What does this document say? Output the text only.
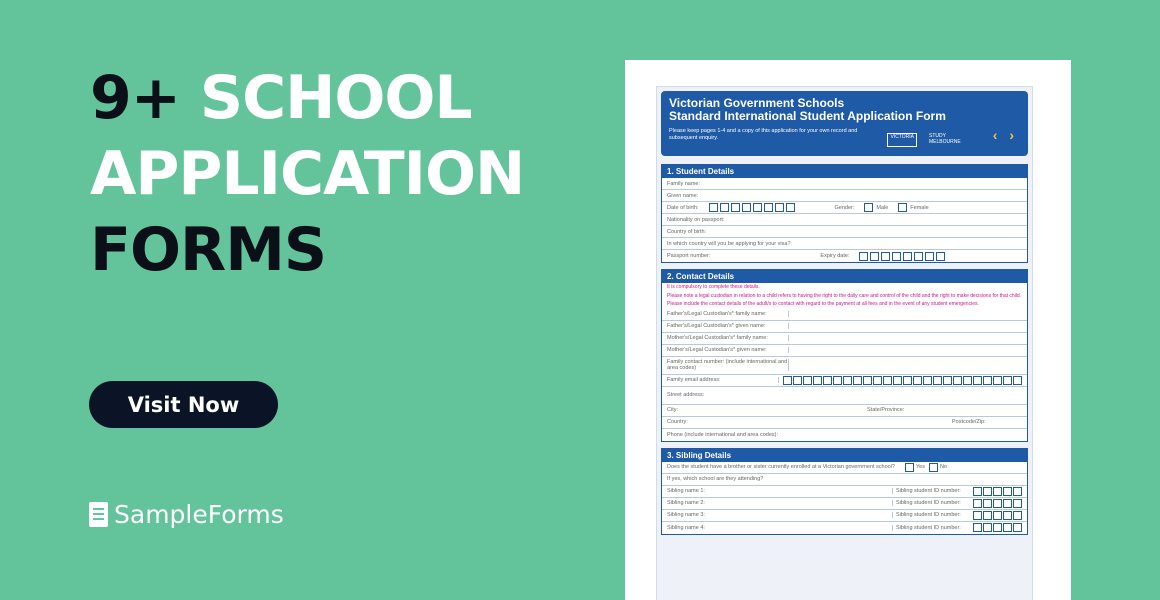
9+ SCHOOL
APPLICATION
FORMS
Visit Now
SampleForms
Victorian Government Schools
Standard International Student Application Form
Please keep pages 1-4 and a copy of this application for your own record and subsequent enquiry.	VICTORIA	STUDY MELBOURNE ‹ ›
1. Student Details
Family name:
Given name:
Date of birth:	Gender:	Male	Female
Nationality on passport:
Country of birth:
In which country will you be applying for your visa?
Passport number:	Expiry date:
2. Contact Details
It is compulsory to complete these details.
Please note a legal custodian in relation to a child refers to having the right to the daily care and control of the child and the right to make decisions for that child.
Please include the contact details of the adult/s to contact with regard to the payment at all fees and in the event of any student emergencies.
Father's/Legal Custodian's* family name:
Father's/Legal Custodian's* given name:
Mother's/Legal Custodian's* family name:
Mother's/Legal Custodian's* given name:
Family contact number: (include international and area codes)
Family email address:
Street address:
City:	State/Province:
Country:	Postcode/Zip:
Phone (include international and area codes):
3. Sibling Details
Does the student have a brother or sister currently enrolled at a Victorian government school?	Yes	No
If yes, which school are they attending?
Sibling name 1:	Sibling student ID number:
Sibling name 2:	Sibling student ID number:
Sibling name 3:	Sibling student ID number:
Sibling name 4:	Sibling student ID number:
